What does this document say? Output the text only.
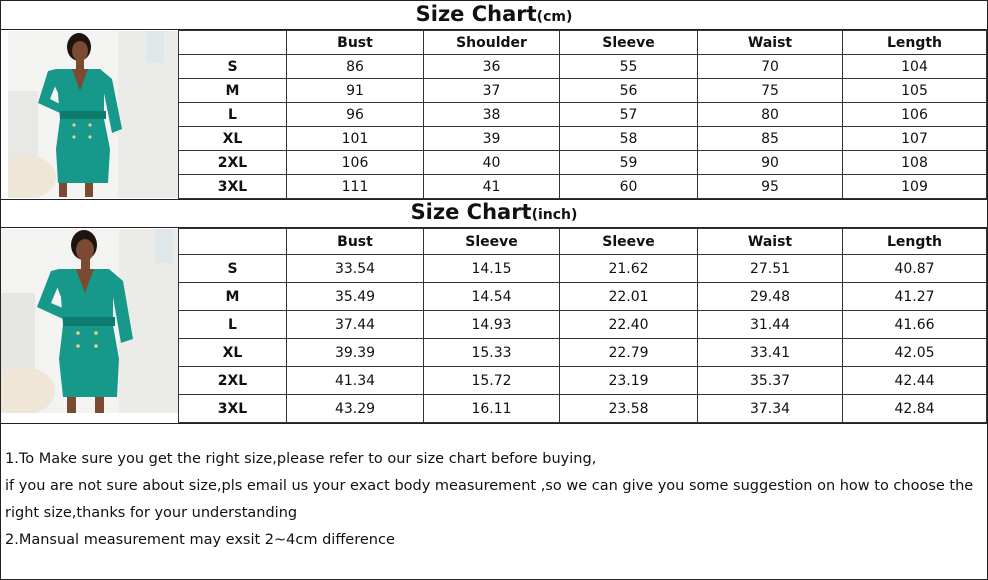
Size Chart(cm)
	Bust	Shoulder	Sleeve	Waist	Length
S	86	36	55	70	104
M	91	37	56	75	105
L	96	38	57	80	106
XL	101	39	58	85	107
2XL	106	40	59	90	108
3XL	111	41	60	95	109
Size Chart(inch)
	Bust	Sleeve	Sleeve	Waist	Length
S	33.54	14.15	21.62	27.51	40.87
M	35.49	14.54	22.01	29.48	41.27
L	37.44	14.93	22.40	31.44	41.66
XL	39.39	15.33	22.79	33.41	42.05
2XL	41.34	15.72	23.19	35.37	42.44
3XL	43.29	16.11	23.58	37.34	42.84
1.To Make sure you get the right size,please refer to our size chart before buying,
if you are not sure about size,pls email us your exact body measurement ,so we can give you some suggestion on how to choose the
right size,thanks for your understanding
2.Mansual measurement may exsit 2~4cm difference
